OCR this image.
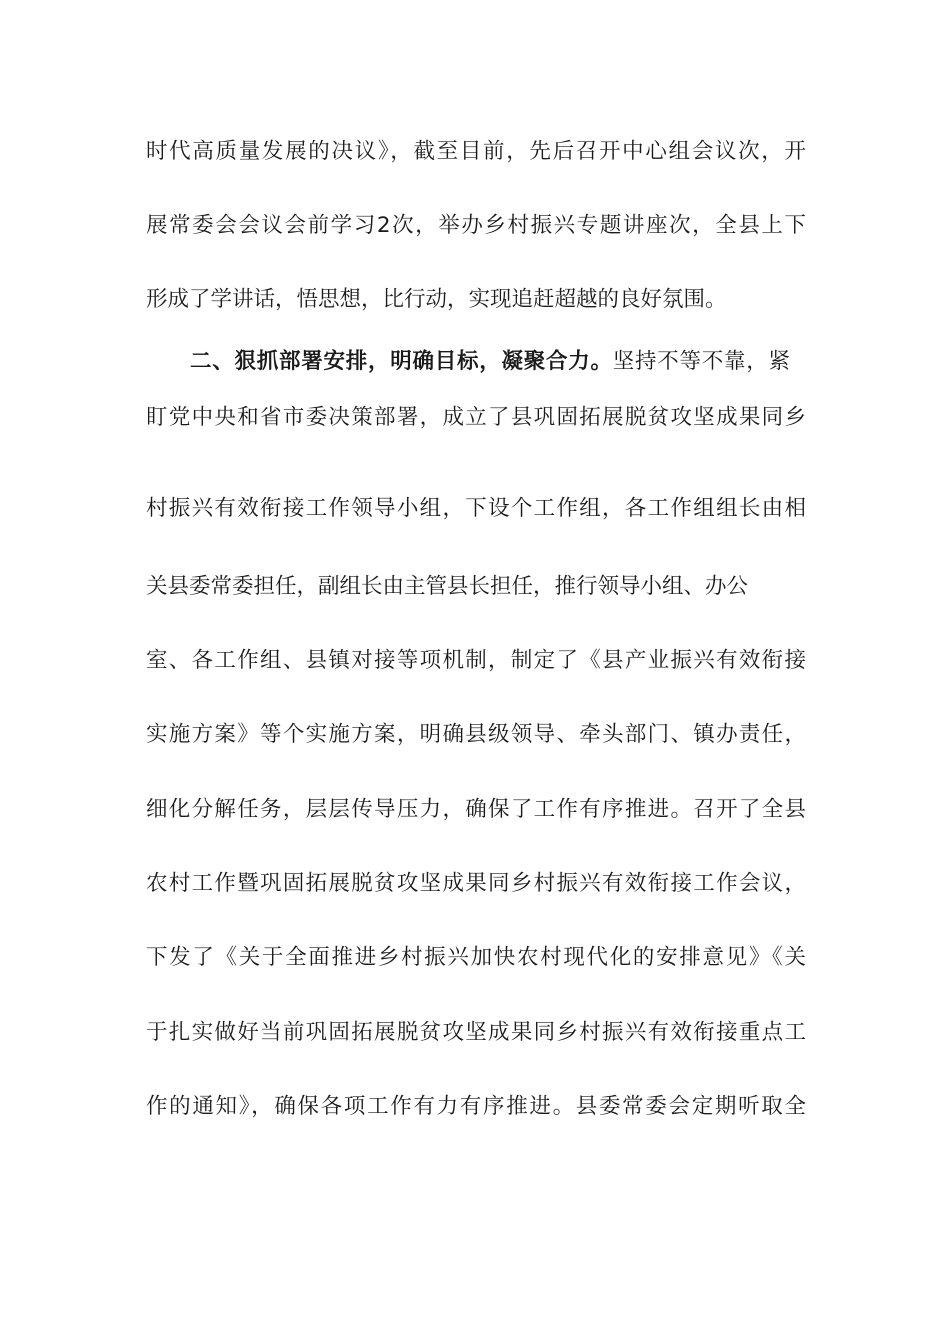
时代高质量发展的决议》，截至目前，先后召开中心组会议次，开
展常委会会议会前学习2次，举办乡村振兴专题讲座次，全县上下
形成了学讲话，悟思想，比行动，实现追赶超越的良好氛围。
二、狠抓部署安排，明确目标，凝聚合力。坚持不等不靠，紧
盯党中央和省市委决策部署，成立了县巩固拓展脱贫攻坚成果同乡
村振兴有效衔接工作领导小组，下设个工作组，各工作组组长由相
关县委常委担任，副组长由主管县长担任，推行领导小组、办公
室、各工作组、县镇对接等项机制，制定了《县产业振兴有效衔接
实施方案》等个实施方案，明确县级领导、牵头部门、镇办责任，
细化分解任务，层层传导压力，确保了工作有序推进。召开了全县
农村工作暨巩固拓展脱贫攻坚成果同乡村振兴有效衔接工作会议，
下发了《关于全面推进乡村振兴加快农村现代化的安排意见》《关
于扎实做好当前巩固拓展脱贫攻坚成果同乡村振兴有效衔接重点工
作的通知》，确保各项工作有力有序推进。县委常委会定期听取全
